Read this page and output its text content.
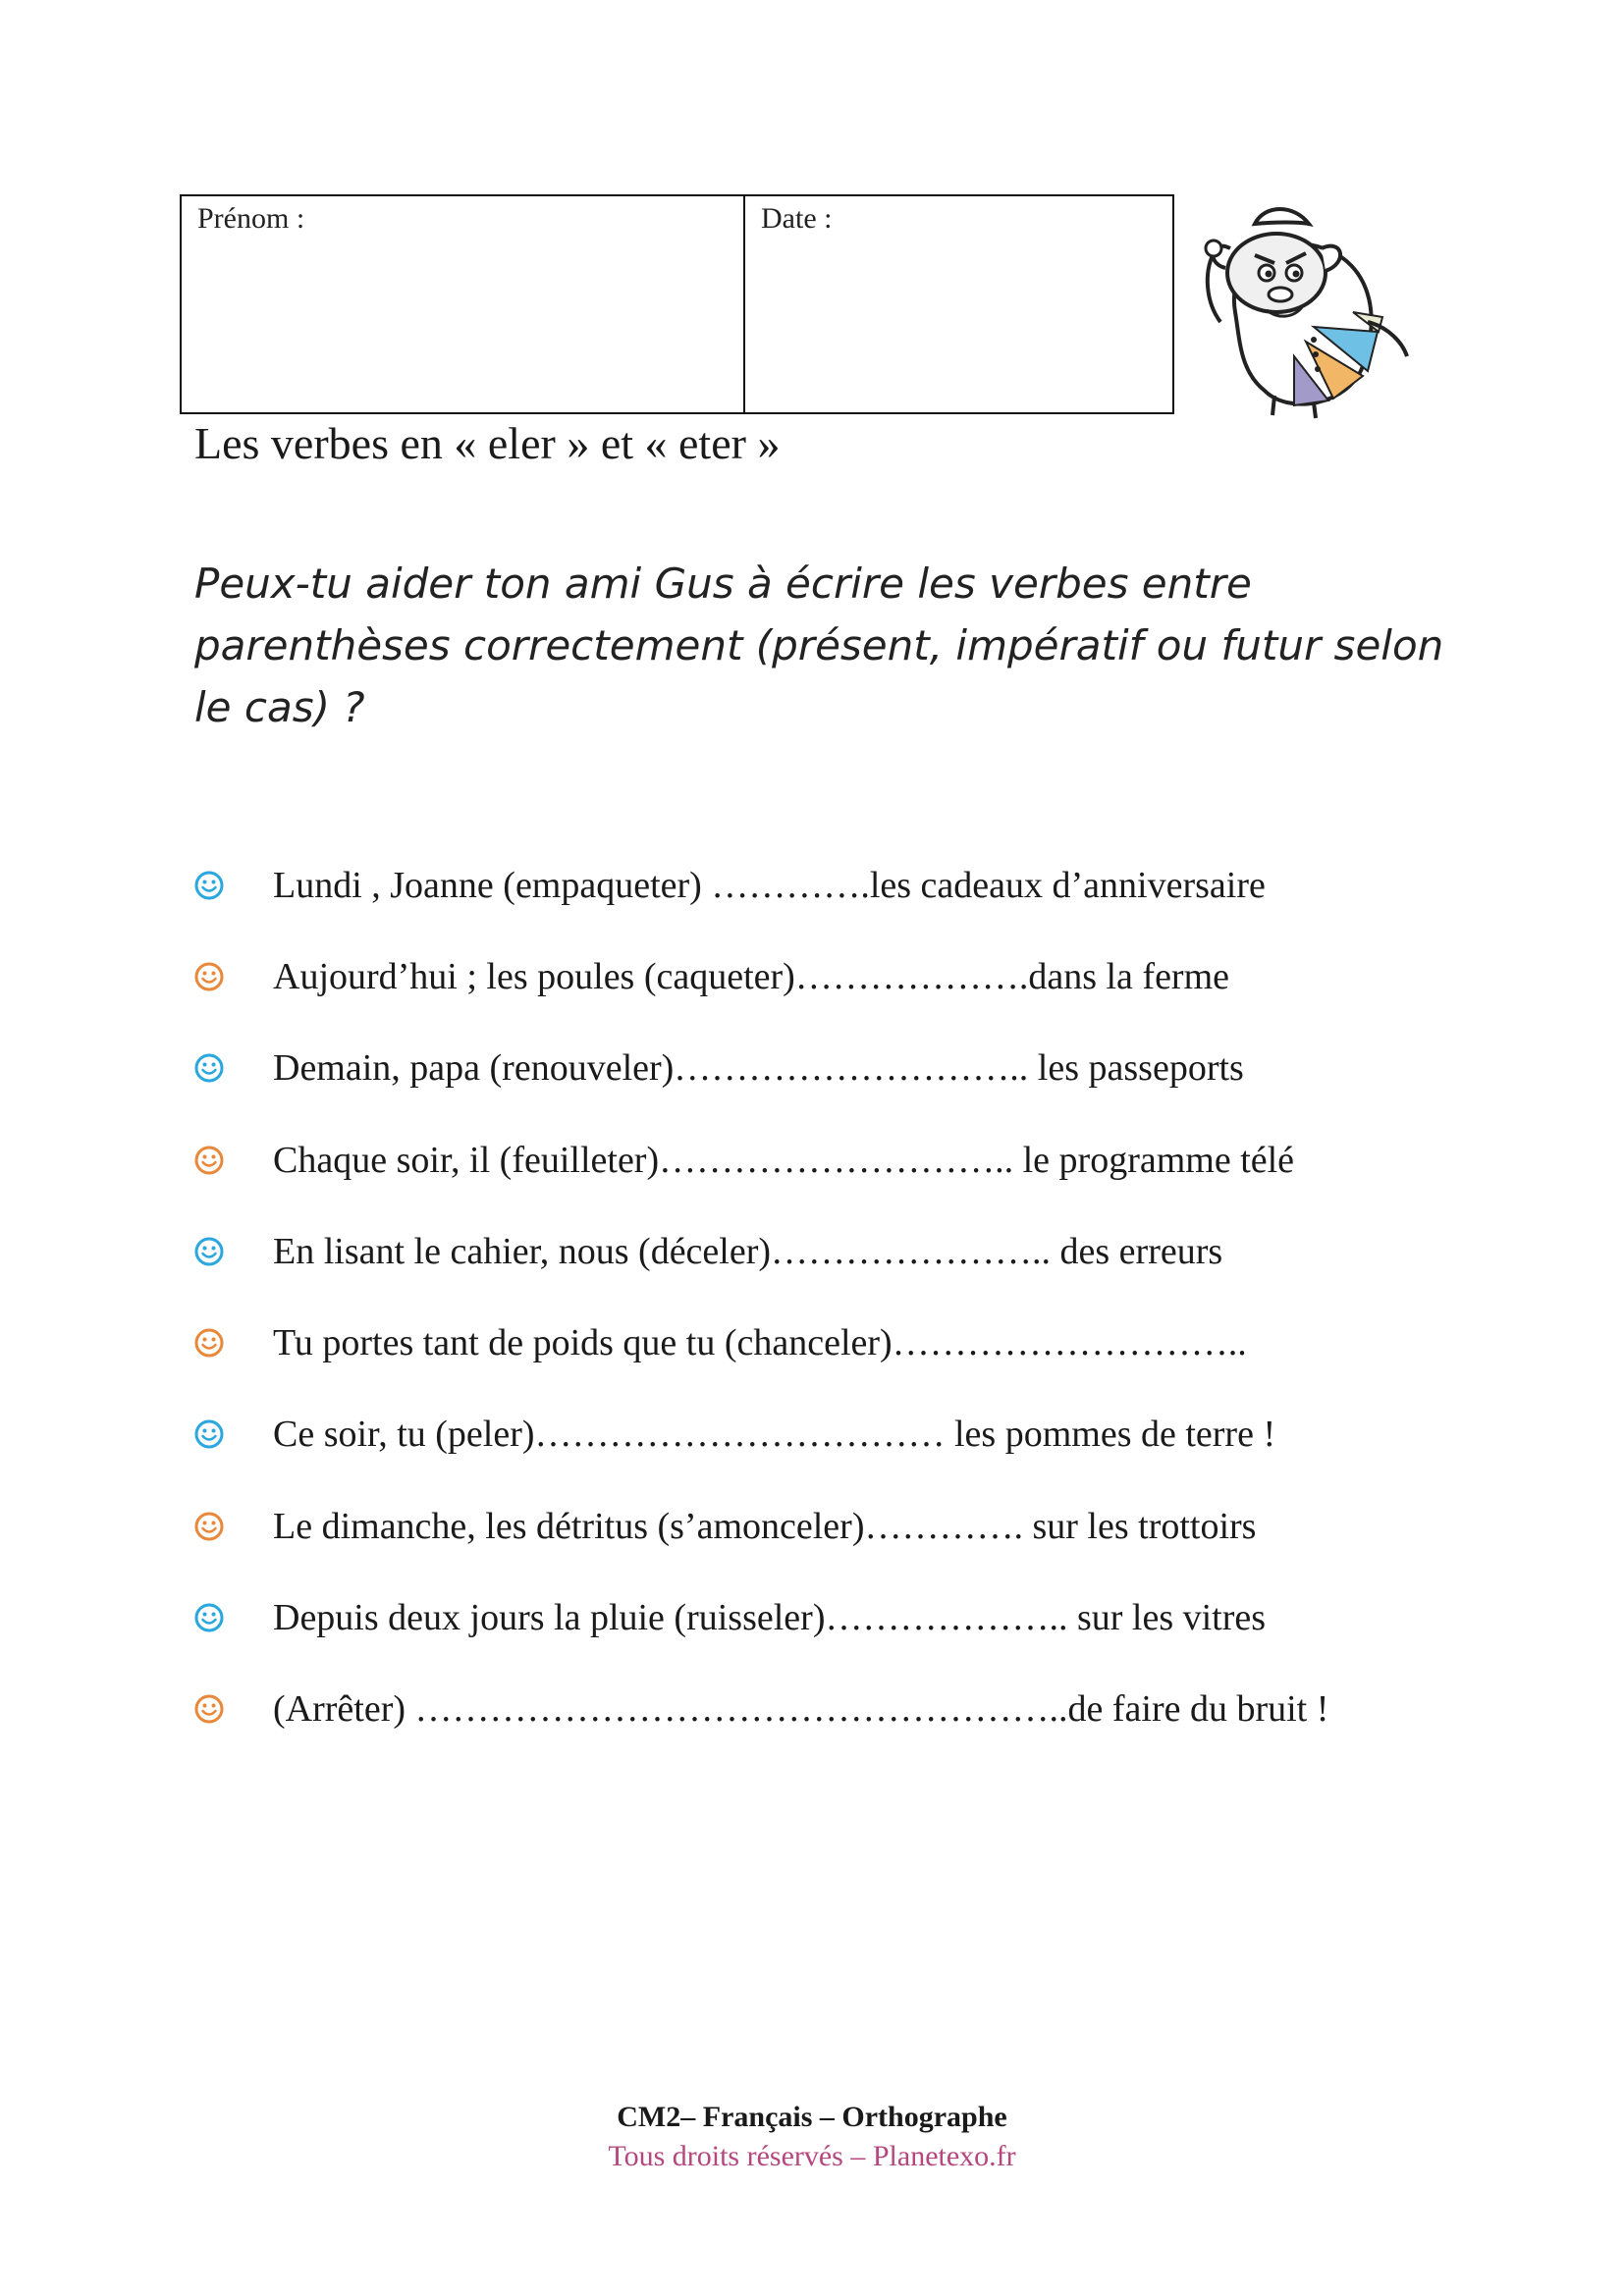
Prénom :	Date :
Les verbes en « eler » et « eter »

Peux-tu aider ton ami Gus à écrire les verbes entre parenthèses correctement (présent, impératif ou futur selon le cas) ?

Lundi , Joanne (empaqueter) ………….les cadeaux d’anniversaire
Aujourd’hui ; les poules (caqueter)……………….dans la ferme
Demain, papa (renouveler)……………………….. les passeports
Chaque soir, il (feuilleter)……………………….. le programme télé
En lisant le cahier, nous (déceler)………………….. des erreurs
Tu portes tant de poids que tu (chanceler)………………………..
Ce soir, tu (peler)…………………………… les pommes de terre !
Le dimanche, les détritus (s’amonceler)…………. sur les trottoirs
Depuis deux jours la pluie (ruisseler)……………….. sur les vitres
(Arrêter) ……………………………………………..de faire du bruit !
CM2– Français – Orthographe
Tous droits réservés – Planetexo.fr
